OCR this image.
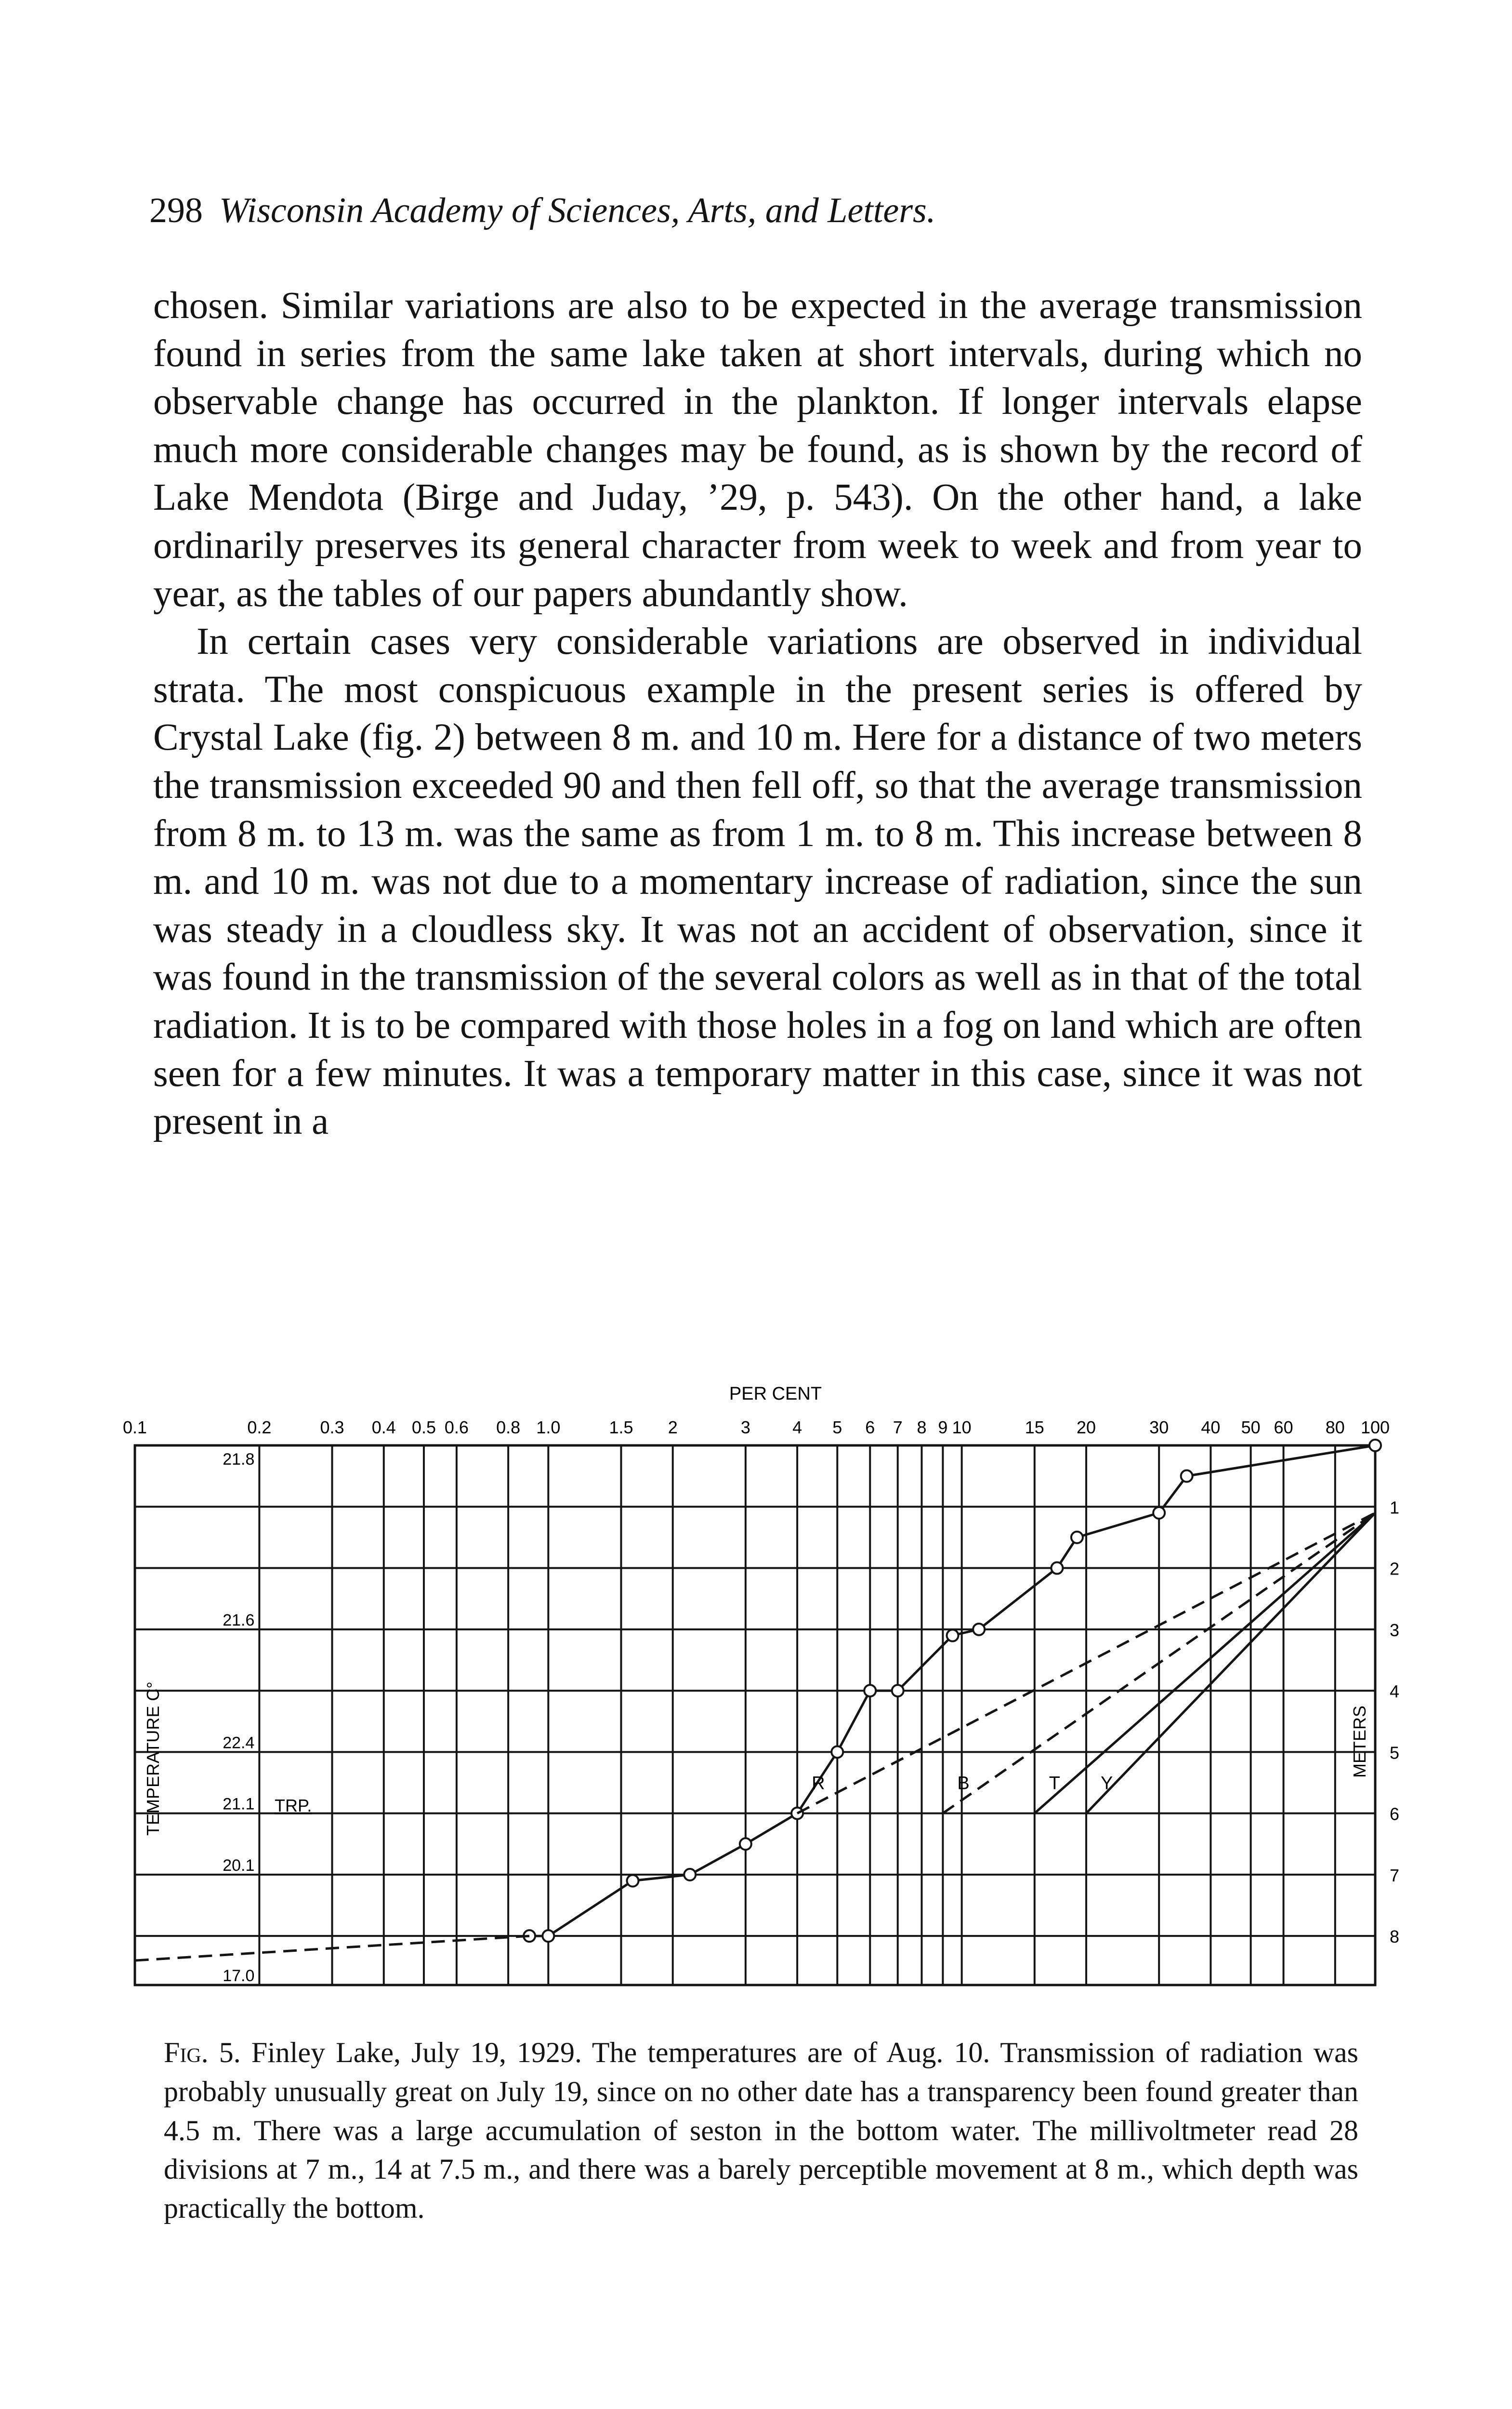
298 Wisconsin Academy of Sciences, Arts, and Letters.

chosen. Similar variations are also to be expected in the average transmission found in series from the same lake taken at short intervals, during which no observable change has occurred in the plankton. If longer intervals elapse much more considerable changes may be found, as is shown by the record of Lake Mendota (Birge and Juday, ’29, p. 543). On the other hand, a lake ordinarily preserves its general character from week to week and from year to year, as the tables of our papers abundantly show.

In certain cases very considerable variations are observed in individual strata. The most conspicuous example in the present series is offered by Crystal Lake (fig. 2) between 8 m. and 10 m. Here for a distance of two meters the transmission exceeded 90 and then fell off, so that the average transmission from 8 m. to 13 m. was the same as from 1 m. to 8 m. This increase between 8 m. and 10 m. was not due to a momentary increase of radiation, since the sun was steady in a cloudless sky. It was not an accident of observation, since it was found in the transmission of the several colors as well as in that of the total radiation. It is to be compared with those holes in a fog on land which are often seen for a few minutes. It was a temporary matter in this case, since it was not present in a

0.1	0.2	0.3 0.4 0.5 0.6 0.8 1.0	1.5 2	3 4 5 6 7 8 9 10	15 20	30 40 50 60 80 100
1
2
3
4
5
6
7
8
21.8
21.6
22.4
21.1
20.1
17.0
R	B	T Y
PER CENT
TEMPERATURE C°	METERS
TRP.
Fig. 5. Finley Lake, July 19, 1929. The temperatures are of Aug. 10. Transmission of radiation was probably unusually great on July 19, since on no other date has a transparency been found greater than 4.5 m. There was a large accumulation of seston in the bottom water. The millivoltmeter read 28 divisions at 7 m., 14 at 7.5 m., and there was a barely perceptible movement at 8 m., which depth was practically the bottom.
